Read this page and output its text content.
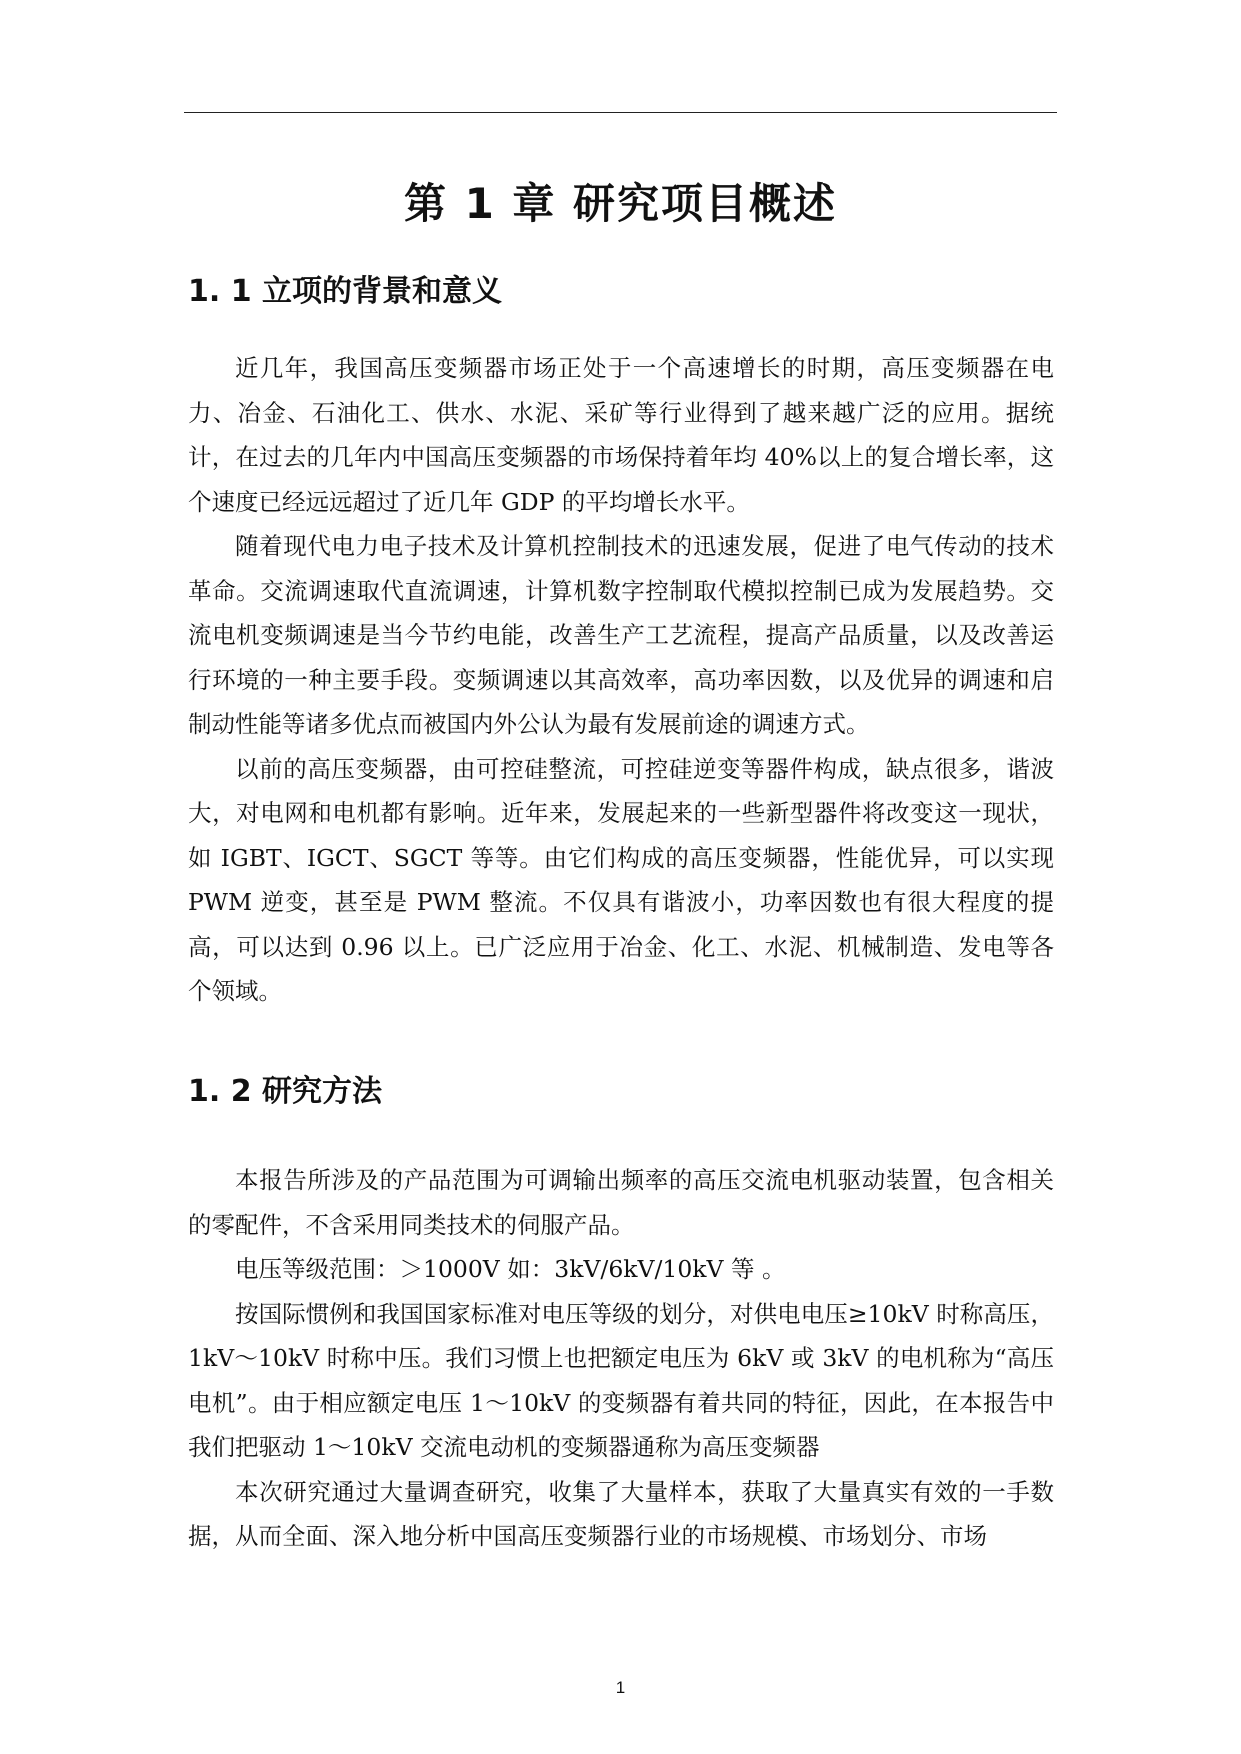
第 1 章 研究项目概述
1. 1 立项的背景和意义

近几年，我国高压变频器市场正处于一个高速增长的时期，高压变频器在电力、冶金、石油化工、供水、水泥、采矿等行业得到了越来越广泛的应用。据统计，在过去的几年内中国高压变频器的市场保持着年均 40%以上的复合增长率，这个速度已经远远超过了近几年 GDP 的平均增长水平。

随着现代电力电子技术及计算机控制技术的迅速发展，促进了电气传动的技术革命。交流调速取代直流调速，计算机数字控制取代模拟控制已成为发展趋势。交流电机变频调速是当今节约电能，改善生产工艺流程，提高产品质量，以及改善运行环境的一种主要手段。变频调速以其高效率，高功率因数，以及优异的调速和启制动性能等诸多优点而被国内外公认为最有发展前途的调速方式。

以前的高压变频器，由可控硅整流，可控硅逆变等器件构成，缺点很多，谐波大，对电网和电机都有影响。近年来，发展起来的一些新型器件将改变这一现状，如 IGBT、IGCT、SGCT 等等。由它们构成的高压变频器，性能优异，可以实现 PWM 逆变，甚至是 PWM 整流。不仅具有谐波小，功率因数也有很大程度的提高，可以达到 0.96 以上。已广泛应用于冶金、化工、水泥、机械制造、发电等各个领域。

1. 2 研究方法

本报告所涉及的产品范围为可调输出频率的高压交流电机驱动装置，包含相关的零配件，不含采用同类技术的伺服产品。

电压等级范围：＞1000V 如：3kV/6kV/10kV 等 。

按国际惯例和我国国家标准对电压等级的划分，对供电电压≥10kV 时称高压，1kV～10kV 时称中压。我们习惯上也把额定电压为 6kV 或 3kV 的电机称为“高压电机”。由于相应额定电压 1～10kV 的变频器有着共同的特征，因此，在本报告中我们把驱动 1～10kV 交流电动机的变频器通称为高压变频器

本次研究通过大量调查研究，收集了大量样本，获取了大量真实有效的一手数据，从而全面、深入地分析中国高压变频器行业的市场规模、市场划分、市场

1
